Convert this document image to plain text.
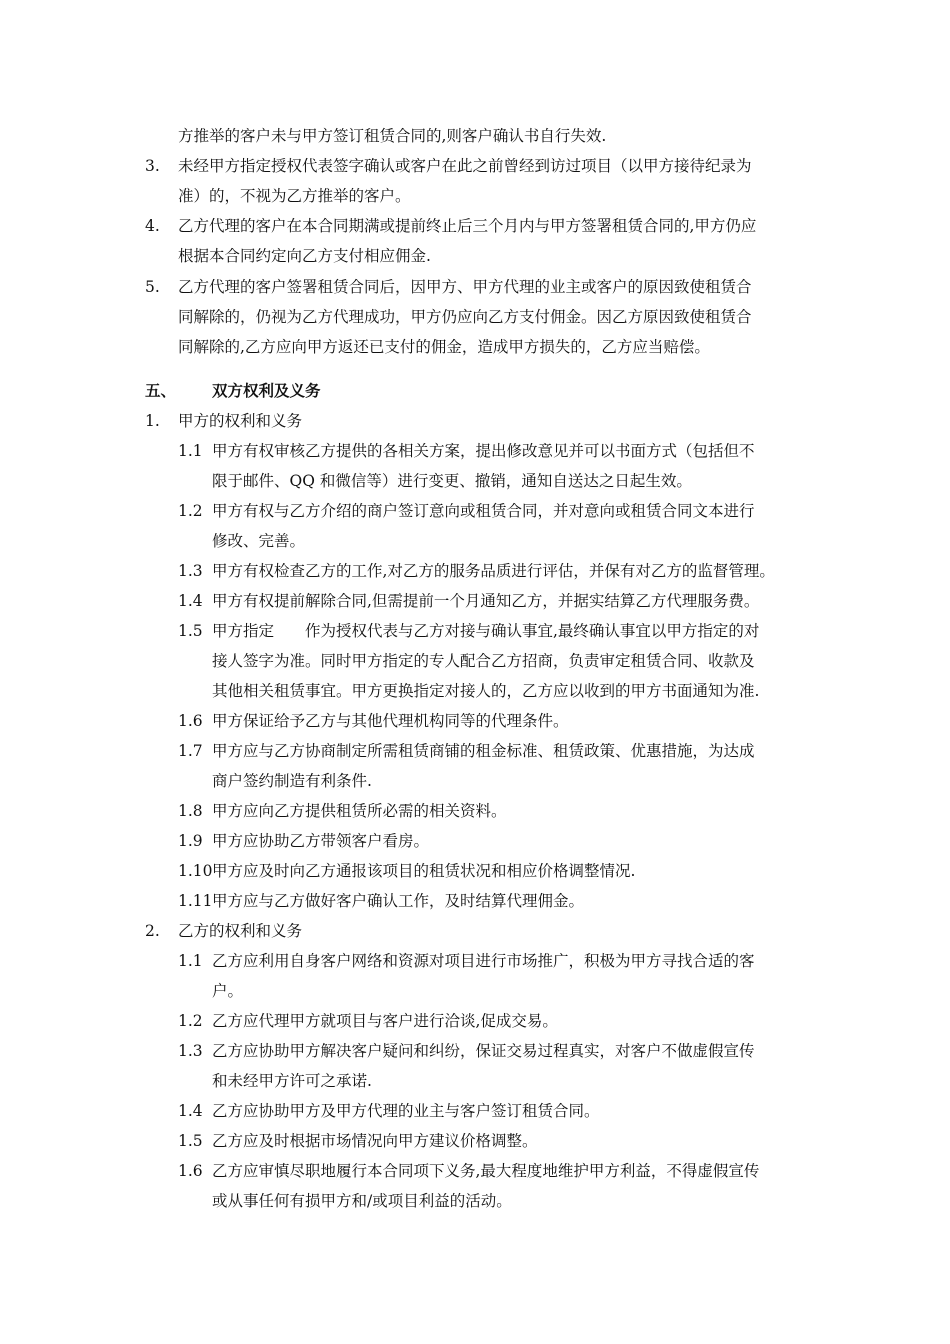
方推举的客户未与甲方签订租赁合同的,则客户确认书自行失效.
3. 未经甲方指定授权代表签字确认或客户在此之前曾经到访过项目（以甲方接待纪录为
准）的，不视为乙方推举的客户。
4. 乙方代理的客户在本合同期满或提前终止后三个月内与甲方签署租赁合同的,甲方仍应
根据本合同约定向乙方支付相应佣金.
5. 乙方代理的客户签署租赁合同后，因甲方、甲方代理的业主或客户的原因致使租赁合
同解除的，仍视为乙方代理成功，甲方仍应向乙方支付佣金。因乙方原因致使租赁合
同解除的,乙方应向甲方返还已支付的佣金，造成甲方损失的，乙方应当赔偿。
五、 双方权利及义务
1. 甲方的权利和义务
1.1 甲方有权审核乙方提供的各相关方案，提出修改意见并可以书面方式（包括但不
限于邮件、QQ 和微信等）进行变更、撤销，通知自送达之日起生效。
1.2 甲方有权与乙方介绍的商户签订意向或租赁合同，并对意向或租赁合同文本进行
修改、完善。
1.3 甲方有权检查乙方的工作,对乙方的服务品质进行评估，并保有对乙方的监督管理。
1.4 甲方有权提前解除合同,但需提前一个月通知乙方，并据实结算乙方代理服务费。
1.5 甲方指定　　作为授权代表与乙方对接与确认事宜,最终确认事宜以甲方指定的对
接人签字为准。同时甲方指定的专人配合乙方招商，负责审定租赁合同、收款及
其他相关租赁事宜。甲方更换指定对接人的，乙方应以收到的甲方书面通知为准.
1.6 甲方保证给予乙方与其他代理机构同等的代理条件。
1.7 甲方应与乙方协商制定所需租赁商铺的租金标准、租赁政策、优惠措施，为达成
商户签约制造有利条件.
1.8 甲方应向乙方提供租赁所必需的相关资料。
1.9 甲方应协助乙方带领客户看房。
1.10 甲方应及时向乙方通报该项目的租赁状况和相应价格调整情况.
1.11 甲方应与乙方做好客户确认工作，及时结算代理佣金。
2. 乙方的权利和义务
1.1 乙方应利用自身客户网络和资源对项目进行市场推广，积极为甲方寻找合适的客
户。
1.2 乙方应代理甲方就项目与客户进行洽谈,促成交易。
1.3 乙方应协助甲方解决客户疑问和纠纷，保证交易过程真实，对客户不做虚假宣传
和未经甲方许可之承诺.
1.4 乙方应协助甲方及甲方代理的业主与客户签订租赁合同。
1.5 乙方应及时根据市场情况向甲方建议价格调整。
1.6 乙方应审慎尽职地履行本合同项下义务,最大程度地维护甲方利益，不得虚假宣传
或从事任何有损甲方和/或项目利益的活动。
